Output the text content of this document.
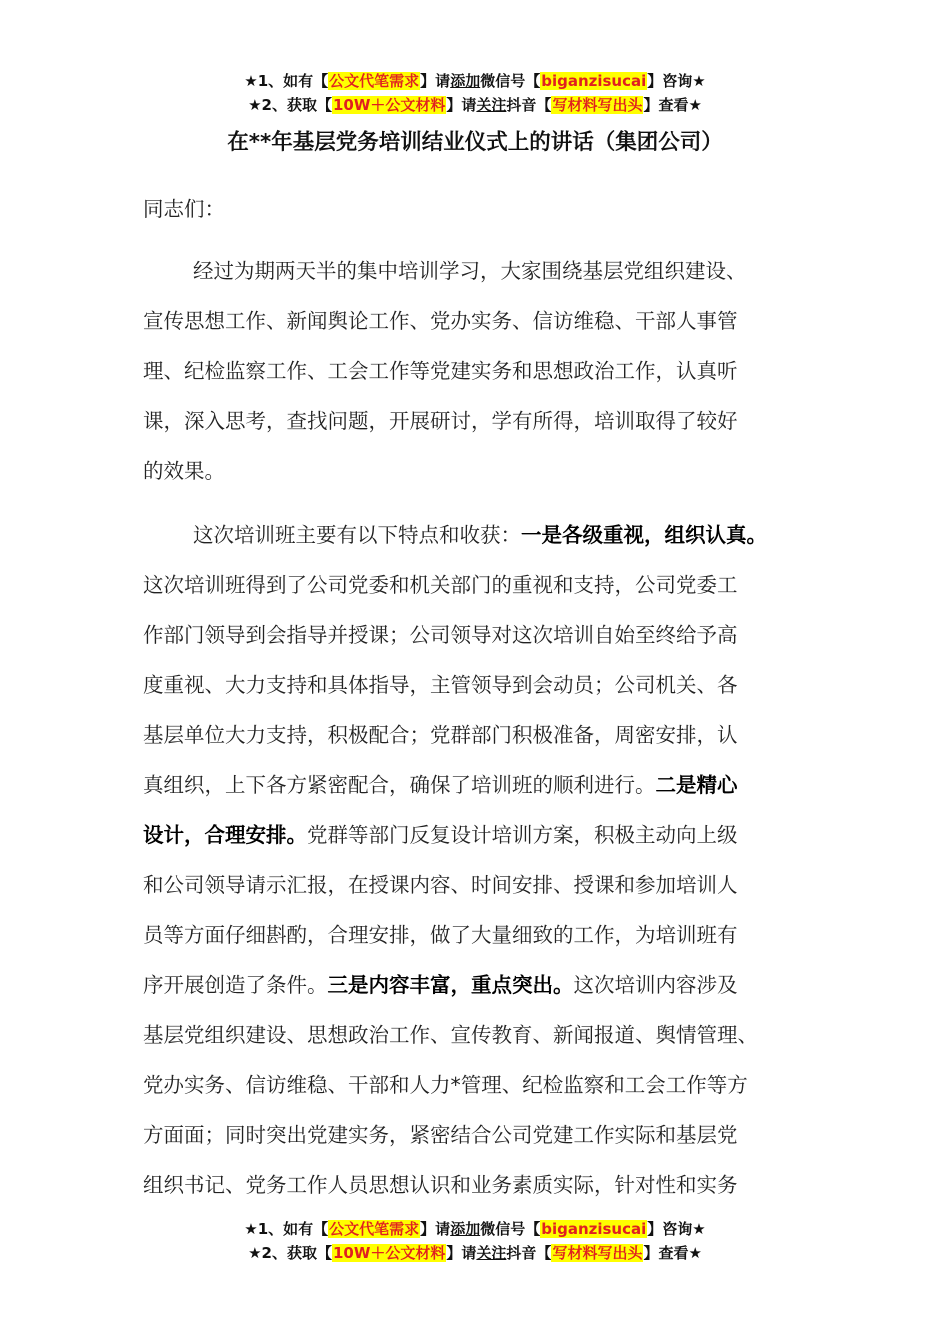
★1、如有【公文代笔需求】请添加微信号【biganzisucai】咨询★
★2、获取【10W＋公文材料】请关注抖音【写材料写出头】查看★
在**年基层党务培训结业仪式上的讲话（集团公司）
同志们：
经过为期两天半的集中培训学习，大家围绕基层党组织建设、
宣传思想工作、新闻舆论工作、党办实务、信访维稳、干部人事管
理、纪检监察工作、工会工作等党建实务和思想政治工作，认真听
课，深入思考，查找问题，开展研讨，学有所得，培训取得了较好
的效果。
这次培训班主要有以下特点和收获：一是各级重视，组织认真。
这次培训班得到了公司党委和机关部门的重视和支持，公司党委工
作部门领导到会指导并授课；公司领导对这次培训自始至终给予高
度重视、大力支持和具体指导，主管领导到会动员；公司机关、各
基层单位大力支持，积极配合；党群部门积极准备，周密安排，认
真组织，上下各方紧密配合，确保了培训班的顺利进行。二是精心
设计，合理安排。党群等部门反复设计培训方案，积极主动向上级
和公司领导请示汇报，在授课内容、时间安排、授课和参加培训人
员等方面仔细斟酌，合理安排，做了大量细致的工作，为培训班有
序开展创造了条件。三是内容丰富，重点突出。这次培训内容涉及
基层党组织建设、思想政治工作、宣传教育、新闻报道、舆情管理、
党办实务、信访维稳、干部和人力*管理、纪检监察和工会工作等方
方面面；同时突出党建实务，紧密结合公司党建工作实际和基层党
组织书记、党务工作人员思想认识和业务素质实际，针对性和实务
★1、如有【公文代笔需求】请添加微信号【biganzisucai】咨询★
★2、获取【10W＋公文材料】请关注抖音【写材料写出头】查看★
